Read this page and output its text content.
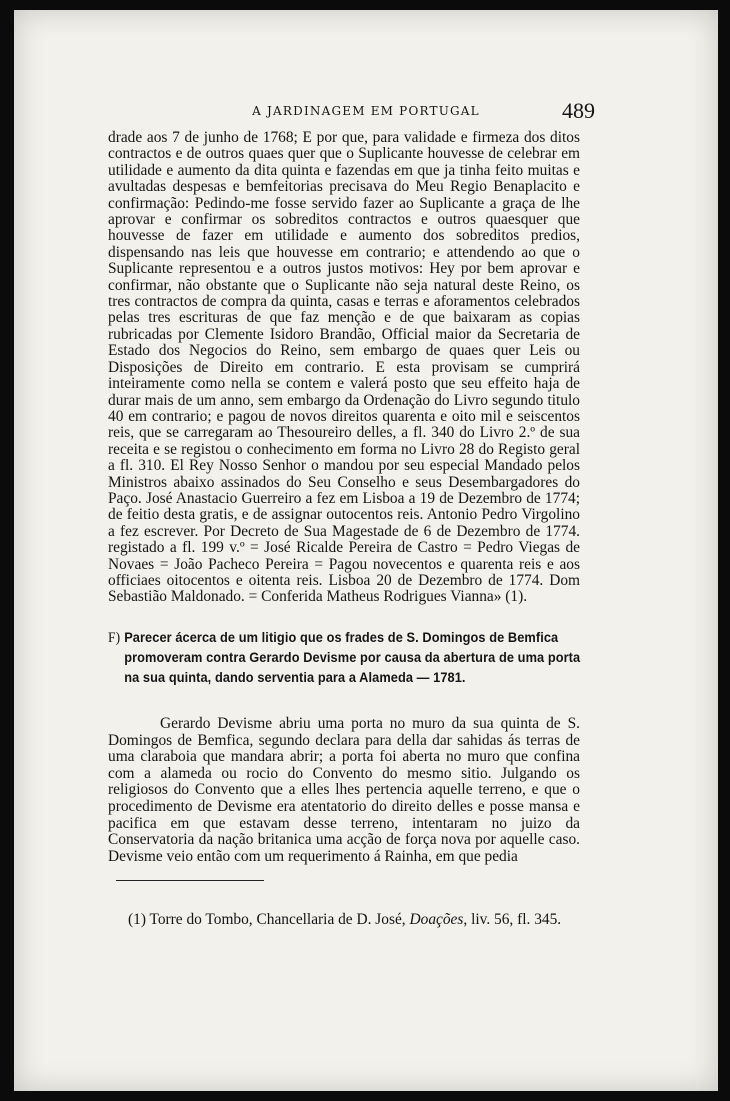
A JARDINAGEM EM PORTUGAL	489

drade aos 7 de junho de 1768; E por que, para validade e firmeza dos ditos contractos e de outros quaes quer que o Suplicante houvesse de celebrar em utilidade e aumento da dita quinta e fazendas em que ja tinha feito muitas e avultadas despesas e bemfeitorias precisava do Meu Regio Benaplacito e confirmação: Pedindo-me fosse servido fazer ao Suplicante a graça de lhe aprovar e confirmar os sobreditos contractos e outros quaesquer que houvesse de fazer em utilidade e aumento dos sobreditos predios, dispensando nas leis que houvesse em contrario; e attendendo ao que o Suplicante representou e a outros justos motivos: Hey por bem aprovar e confirmar, não obstante que o Suplicante não seja natural deste Reino, os tres contractos de compra da quinta, casas e terras e aforamentos celebrados pelas tres escrituras de que faz menção e de que baixaram as copias rubricadas por Clemente Isidoro Brandão, Official maior da Secretaria de Estado dos Negocios do Reino, sem embargo de quaes quer Leis ou Disposições de Direito em contrario. E esta provisam se cumprirá inteiramente como nella se contem e valerá posto que seu effeito haja de durar mais de um anno, sem embargo da Ordenação do Livro segundo titulo 40 em contrario; e pagou de novos direitos quarenta e oito mil e seiscentos reis, que se carregaram ao Thesoureiro delles, a fl. 340 do Livro 2.º de sua receita e se registou o conhecimento em forma no Livro 28 do Registo geral a fl. 310. El Rey Nosso Senhor o mandou por seu especial Mandado pelos Ministros abaixo assinados do Seu Conselho e seus Desembargadores do Paço. José Anastacio Guerreiro a fez em Lisboa a 19 de Dezembro de 1774; de feitio desta gratis, e de assignar outocentos reis. Antonio Pedro Virgolino a fez escrever. Por Decreto de Sua Magestade de 6 de Dezembro de 1774. registado a fl. 199 v.º = José Ricalde Pereira de Castro = Pedro Viegas de Novaes = João Pacheco Pereira = Pagou novecentos e quarenta reis e aos officiaes oitocentos e oitenta reis. Lisboa 20 de Dezembro de 1774. Dom Sebastião Maldonado. = Conferida Matheus Rodrigues Vianna» (1).

F) Parecer ácerca de um litigio que os frades de S. Domingos de Bemfica promoveram contra Gerardo Devisme por causa da abertura de uma porta na sua quinta, dando serventia para a Alameda — 1781.

Gerardo Devisme abriu uma porta no muro da sua quinta de S. Domingos de Bemfica, segundo declara para della dar sahidas ás terras de uma claraboia que mandara abrir; a porta foi aberta no muro que confina com a alameda ou rocio do Convento do mesmo sitio. Julgando os religiosos do Convento que a elles lhes pertencia aquelle terreno, e que o procedimento de Devisme era atentatorio do direito delles e posse mansa e pacifica em que estavam desse terreno, intentaram no juizo da Conservatoria da nação britanica uma acção de força nova por aquelle caso. Devisme veio então com um requerimento á Rainha, em que pedia

(1) Torre do Tombo, Chancellaria de D. José, Doações, liv. 56, fl. 345.
